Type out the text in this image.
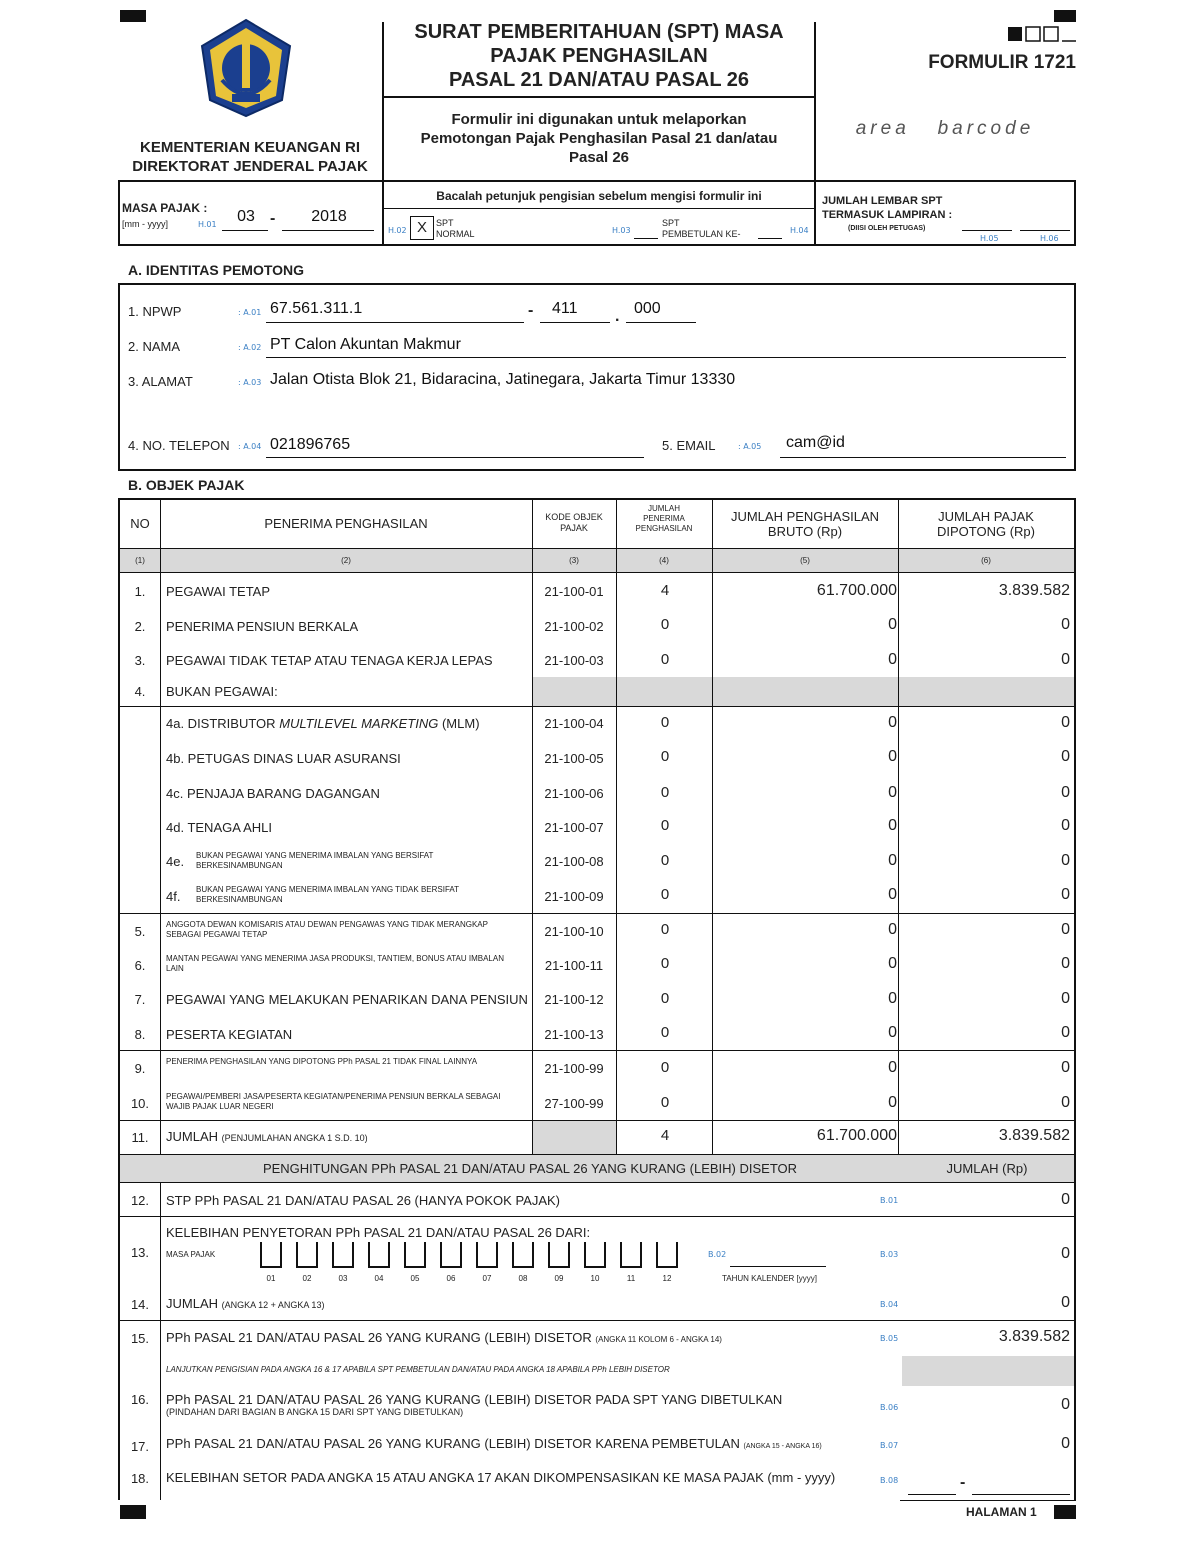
KEMENTERIAN KEUANGAN RI
DIREKTORAT JENDERAL PAJAK
SURAT PEMBERITAHUAN (SPT) MASA
PAJAK PENGHASILAN
PASAL 21 DAN/ATAU PASAL 26
Formulir ini digunakan untuk melaporkan
Pemotongan Pajak Penghasilan Pasal 21 dan/atau
Pasal 26
FORMULIR 1721
area   barcode
Bacalah petunjuk pengisian sebelum mengisi formulir ini
MASA PAJAK :
[mm - yyyy]	H.01	03 -	2018
H.02 X	SPT
NORMAL	H.03
SPT
PEMBETULAN KE-	H.04
JUMLAH LEMBAR SPT
TERMASUK LAMPIRAN :
(DIISI OLEH PETUGAS)
H.05	H.06
A. IDENTITAS PEMOTONG
1. NPWP	: A.01 67.561.311.1	- 411 . 000
2. NAMA	: A.02 PT Calon Akuntan Makmur
3. ALAMAT	: A.03 Jalan Otista Blok 21, Bidaracina, Jatinegara, Jakarta Timur 13330
4. NO. TELEPON : A.04 021896765	5. EMAIL	: A.05 cam@id
B. OBJEK PAJAK
NO	PENERIMA PENGHASILAN	KODE OBJEK
PAJAK
JUMLAH
PENERIMA
PENGHASILAN
JUMLAH PENGHASILAN
BRUTO (Rp)
JUMLAH PAJAK
DIPOTONG (Rp)
(1)	(2)	(3)	(4)	(5)	(6)
1.	PEGAWAI TETAP	21-100-01	4	61.700.000	3.839.582
2.	PENERIMA PENSIUN BERKALA	21-100-02	0	0	0
3.	PEGAWAI TIDAK TETAP ATAU TENAGA KERJA LEPAS	21-100-03	0	0	0
4.	BUKAN PEGAWAI:
4a. DISTRIBUTOR MULTILEVEL MARKETING (MLM)	21-100-04	0	0	0
4b. PETUGAS DINAS LUAR ASURANSI	21-100-05	0	0	0
4c. PENJAJA BARANG DAGANGAN	21-100-06	0	0	0
4d. TENAGA AHLI	21-100-07	0	0	0
4e. BUKAN PEGAWAI YANG MENERIMA IMBALAN YANG BERSIFAT BERKESINAMBUNGAN	21-100-08	0	0	0
4f. BUKAN PEGAWAI YANG MENERIMA IMBALAN YANG TIDAK BERSIFAT BERKESINAMBUNGAN	21-100-09	0	0	0
5.	ANGGOTA DEWAN KOMISARIS ATAU DEWAN PENGAWAS YANG TIDAK MERANGKAP SEBAGAI PEGAWAI TETAP	21-100-10	0	0	0
6.	MANTAN PEGAWAI YANG MENERIMA JASA PRODUKSI, TANTIEM, BONUS ATAU IMBALAN LAIN	21-100-11	0	0	0
7.	PEGAWAI YANG MELAKUKAN PENARIKAN DANA PENSIUN	21-100-12	0	0	0
8.	PESERTA KEGIATAN	21-100-13	0	0	0
9.	PENERIMA PENGHASILAN YANG DIPOTONG PPh PASAL 21 TIDAK FINAL LAINNYA	21-100-99	0	0	0
10.	PEGAWAI/PEMBERI JASA/PESERTA KEGIATAN/PENERIMA PENSIUN BERKALA SEBAGAI WAJIB PAJAK LUAR NEGERI	27-100-99	0	0	0
11.	JUMLAH (PENJUMLAHAN ANGKA 1 S.D. 10)	4	61.700.000	3.839.582
PENGHITUNGAN PPh PASAL 21 DAN/ATAU PASAL 26 YANG KURANG (LEBIH) DISETOR	JUMLAH (Rp)
12.	STP PPh PASAL 21 DAN/ATAU PASAL 26 (HANYA POKOK PAJAK)	B.01	0
KELEBIHAN PENYETORAN PPh PASAL 21 DAN/ATAU PASAL 26 DARI:
13.	MASA PAJAK
01	02	03	04	05	06	07	08	09	10	11	12
B.02
TAHUN KALENDER [yyyy]
B.03	0
14.	JUMLAH (ANGKA 12 + ANGKA 13)	B.04	0
15.	PPh PASAL 21 DAN/ATAU PASAL 26 YANG KURANG (LEBIH) DISETOR (ANGKA 11 KOLOM 6 - ANGKA 14)	B.05	3.839.582
LANJUTKAN PENGISIAN PADA ANGKA 16 & 17 APABILA SPT PEMBETULAN DAN/ATAU PADA ANGKA 18 APABILA PPh LEBIH DISETOR
16.	PPh PASAL 21 DAN/ATAU PASAL 26 YANG KURANG (LEBIH) DISETOR PADA SPT YANG DIBETULKAN
(PINDAHAN DARI BAGIAN B ANGKA 15 DARI SPT YANG DIBETULKAN)	B.06	0
17.	PPh PASAL 21 DAN/ATAU PASAL 26 YANG KURANG (LEBIH) DISETOR KARENA PEMBETULAN (ANGKA 15 - ANGKA 16)	B.07	0
18.	KELEBIHAN SETOR PADA ANGKA 15 ATAU ANGKA 17 AKAN DIKOMPENSASIKAN KE MASA PAJAK (mm - yyyy)	B.08	-
HALAMAN 1
